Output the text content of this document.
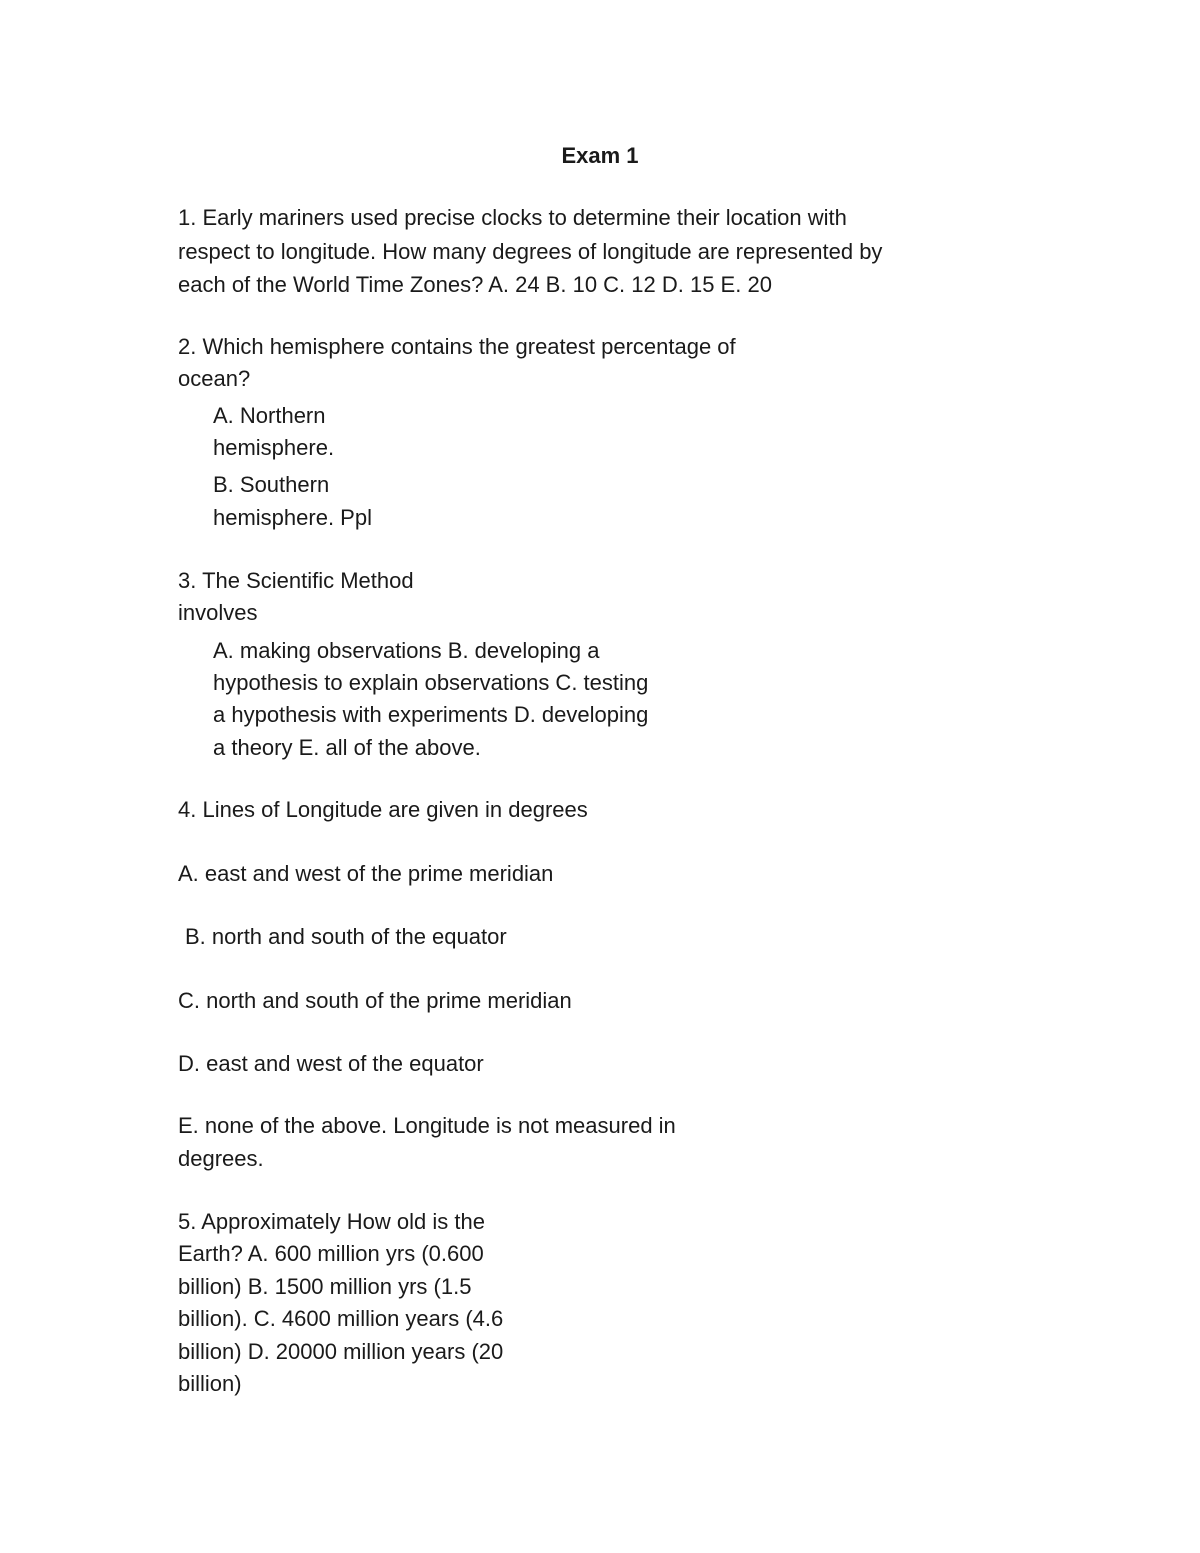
Exam 1
1. Early mariners used precise clocks to determine their location with
respect to longitude. How many degrees of longitude are represented by
each of the World Time Zones? A. 24 B. 10 C. 12 D. 15 E. 20
2. Which hemisphere contains the greatest percentage of
ocean?
A. Northern
hemisphere.
B. Southern
hemisphere. Ppl
3. The Scientific Method
involves
A. making observations B. developing a
hypothesis to explain observations C. testing
a hypothesis with experiments D. developing
a theory E. all of the above.
4. Lines of Longitude are given in degrees
A. east and west of the prime meridian
B. north and south of the equator
C. north and south of the prime meridian
D. east and west of the equator
E. none of the above. Longitude is not measured in
degrees.
5. Approximately How old is the
Earth? A. 600 million yrs (0.600
billion) B. 1500 million yrs (1.5
billion). C. 4600 million years (4.6
billion) D. 20000 million years (20
billion)
